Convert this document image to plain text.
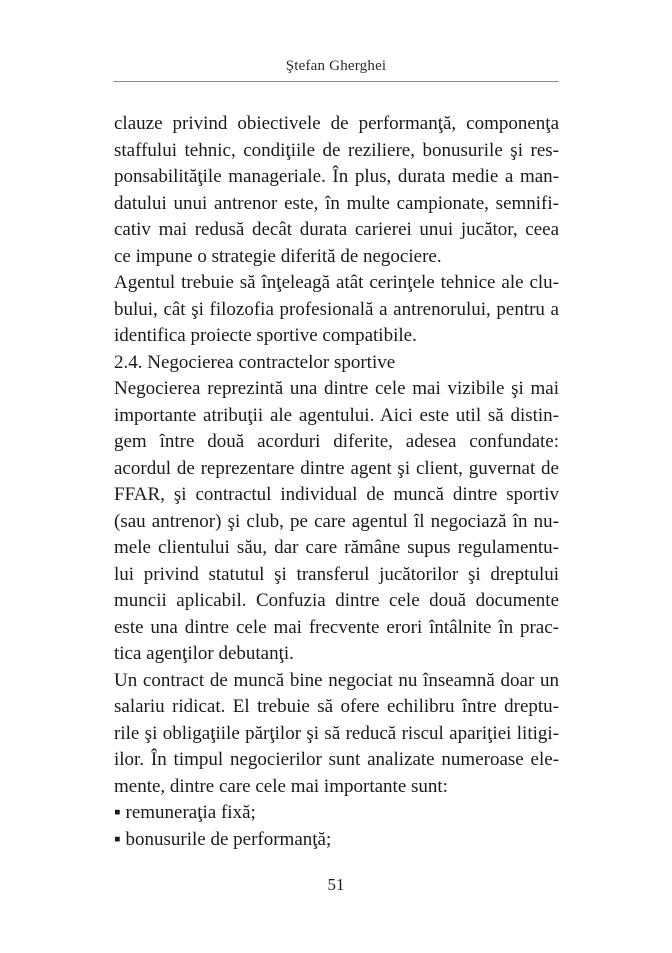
Ştefan Gherghei
clauze privind obiectivele de performanţă, componenţa
staffului tehnic, condiţiile de reziliere, bonusurile şi res-
ponsabilităţile manageriale. În plus, durata medie a man-
datului unui antrenor este, în multe campionate, semnifi-
cativ mai redusă decât durata carierei unui jucător, ceea
ce impune o strategie diferită de negociere.
Agentul trebuie să înţeleagă atât cerinţele tehnice ale clu-
bului, cât şi filozofia profesională a antrenorului, pentru a
identifica proiecte sportive compatibile.
2.4. Negocierea contractelor sportive
Negocierea reprezintă una dintre cele mai vizibile şi mai
importante atribuţii ale agentului. Aici este util să distin-
gem între două acorduri diferite, adesea confundate:
acordul de reprezentare dintre agent şi client, guvernat de
FFAR, şi contractul individual de muncă dintre sportiv
(sau antrenor) şi club, pe care agentul îl negociază în nu-
mele clientului său, dar care rămâne supus regulamentu-
lui privind statutul şi transferul jucătorilor şi dreptului
muncii aplicabil. Confuzia dintre cele două documente
este una dintre cele mai frecvente erori întâlnite în prac-
tica agenţilor debutanţi.
Un contract de muncă bine negociat nu înseamnă doar un
salariu ridicat. El trebuie să ofere echilibru între dreptu-
rile şi obligaţiile părţilor şi să reducă riscul apariţiei litigi-
ilor. În timpul negocierilor sunt analizate numeroase ele-
mente, dintre care cele mai importante sunt:
▪ remuneraţia fixă;
▪ bonusurile de performanţă;
51
